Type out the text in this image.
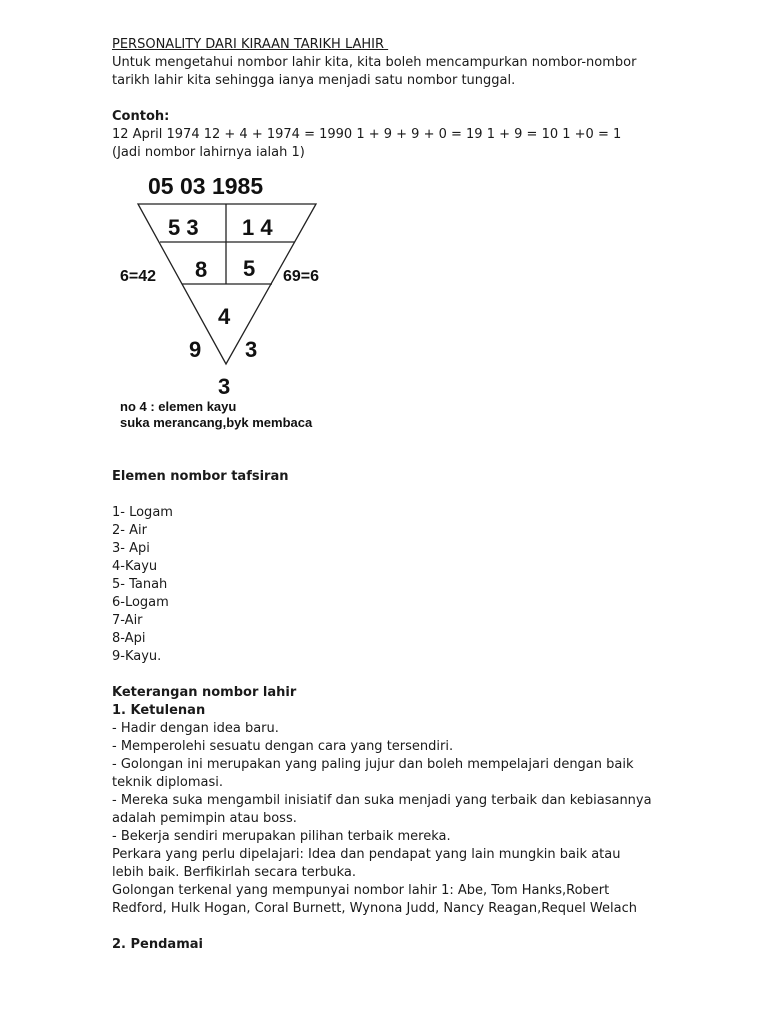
PERSONALITY DARI KIRAAN TARIKH LAHIR

Untuk mengetahui nombor lahir kita, kita boleh mencampurkan nombor-nombor tarikh lahir kita sehingga ianya menjadi satu nombor tunggal.

Contoh:

12 April 1974 12 + 4 + 1974 = 1990 1 + 9 + 9 + 0 = 19 1 + 9 = 10 1 +0 = 1 (Jadi nombor lahirnya ialah 1)

05 03 1985
5 3 1 4
8 5
6=42	69=6
4
9 3
3
no 4 : elemen kayu
suka merancang,byk membaca

Elemen nombor tafsiran

1- Logam

2- Air

3- Api

4-Kayu

5- Tanah

6-Logam

7-Air

8-Api

9-Kayu.

Keterangan nombor lahir

1. Ketulenan

- Hadir dengan idea baru.

- Memperolehi sesuatu dengan cara yang tersendiri.

- Golongan ini merupakan yang paling jujur dan boleh mempelajari dengan baik teknik diplomasi.

- Mereka suka mengambil inisiatif dan suka menjadi yang terbaik dan kebiasannya adalah pemimpin atau boss.

- Bekerja sendiri merupakan pilihan terbaik mereka.

Perkara yang perlu dipelajari: Idea dan pendapat yang lain mungkin baik atau lebih baik. Berfikirlah secara terbuka.

Golongan terkenal yang mempunyai nombor lahir 1: Abe, Tom Hanks,Robert Redford, Hulk Hogan, Coral Burnett, Wynona Judd, Nancy Reagan,Requel Welach

2. Pendamai
